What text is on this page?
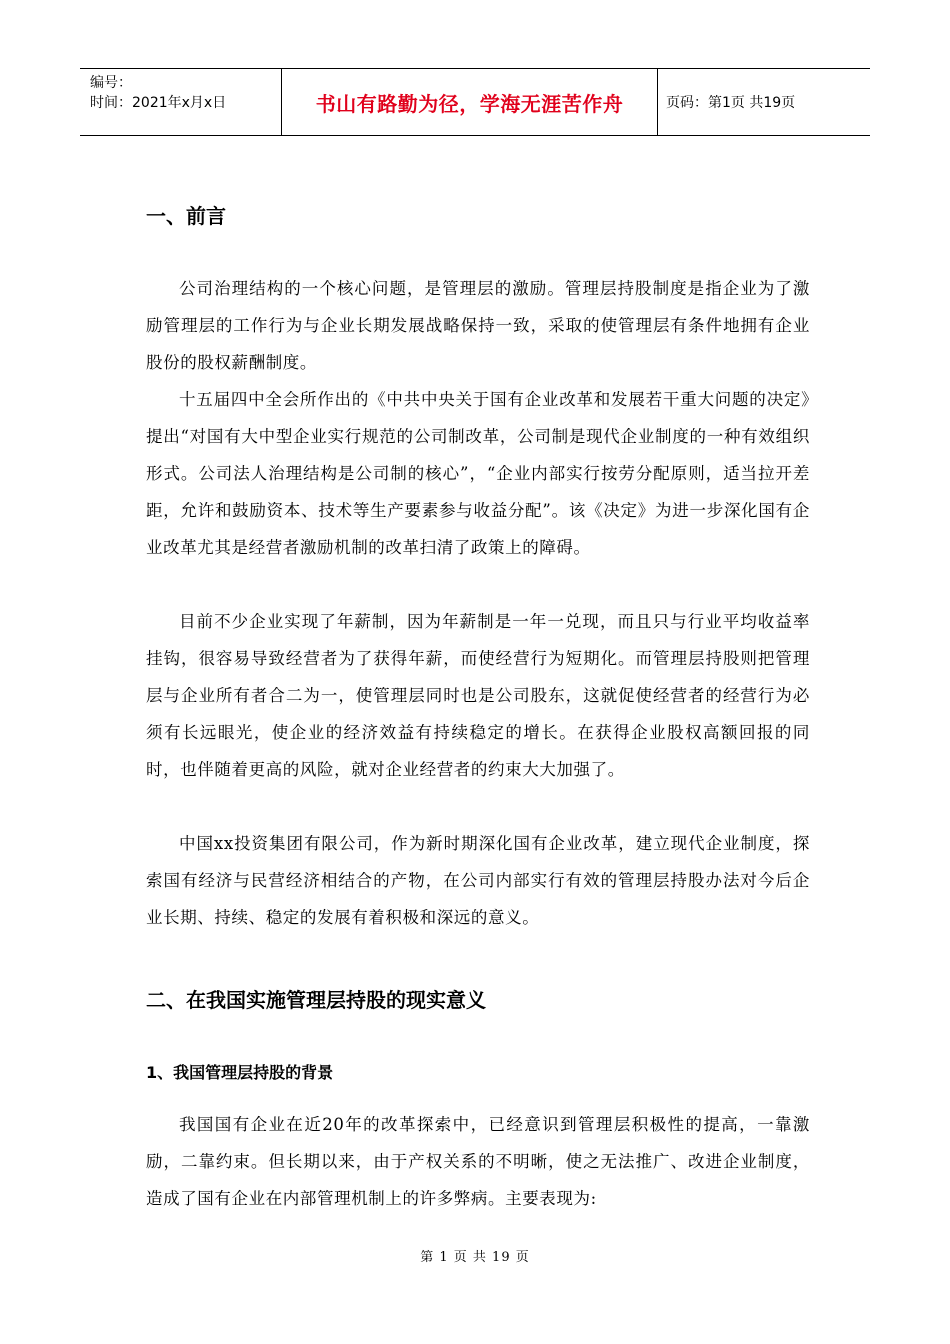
编号：
时间：2021年x月x日	书山有路勤为径，学海无涯苦作舟	页码：第1页 共19页
一、前言

公司治理结构的一个核心问题，是管理层的激励。管理层持股制度是指企业为了激励管理层的工作行为与企业长期发展战略保持一致，采取的使管理层有条件地拥有企业股份的股权薪酬制度。

十五届四中全会所作出的《中共中央关于国有企业改革和发展若干重大问题的决定》提出“对国有大中型企业实行规范的公司制改革，公司制是现代企业制度的一种有效组织形式。公司法人治理结构是公司制的核心”，“企业内部实行按劳分配原则，适当拉开差距，允许和鼓励资本、技术等生产要素参与收益分配”。该《决定》为进一步深化国有企业改革尤其是经营者激励机制的改革扫清了政策上的障碍。

目前不少企业实现了年薪制，因为年薪制是一年一兑现，而且只与行业平均收益率挂钩，很容易导致经营者为了获得年薪，而使经营行为短期化。而管理层持股则把管理层与企业所有者合二为一，使管理层同时也是公司股东，这就促使经营者的经营行为必须有长远眼光，使企业的经济效益有持续稳定的增长。在获得企业股权高额回报的同时，也伴随着更高的风险，就对企业经营者的约束大大加强了。

中国xx投资集团有限公司，作为新时期深化国有企业改革，建立现代企业制度，探索国有经济与民营经济相结合的产物，在公司内部实行有效的管理层持股办法对今后企业长期、持续、稳定的发展有着积极和深远的意义。

二、在我国实施管理层持股的现实意义
1、我国管理层持股的背景

我国国有企业在近20年的改革探索中，已经意识到管理层积极性的提高，一靠激励，二靠约束。但长期以来，由于产权关系的不明晰，使之无法推广、改进企业制度，造成了国有企业在内部管理机制上的许多弊病。主要表现为:

第 1 页 共 19 页
